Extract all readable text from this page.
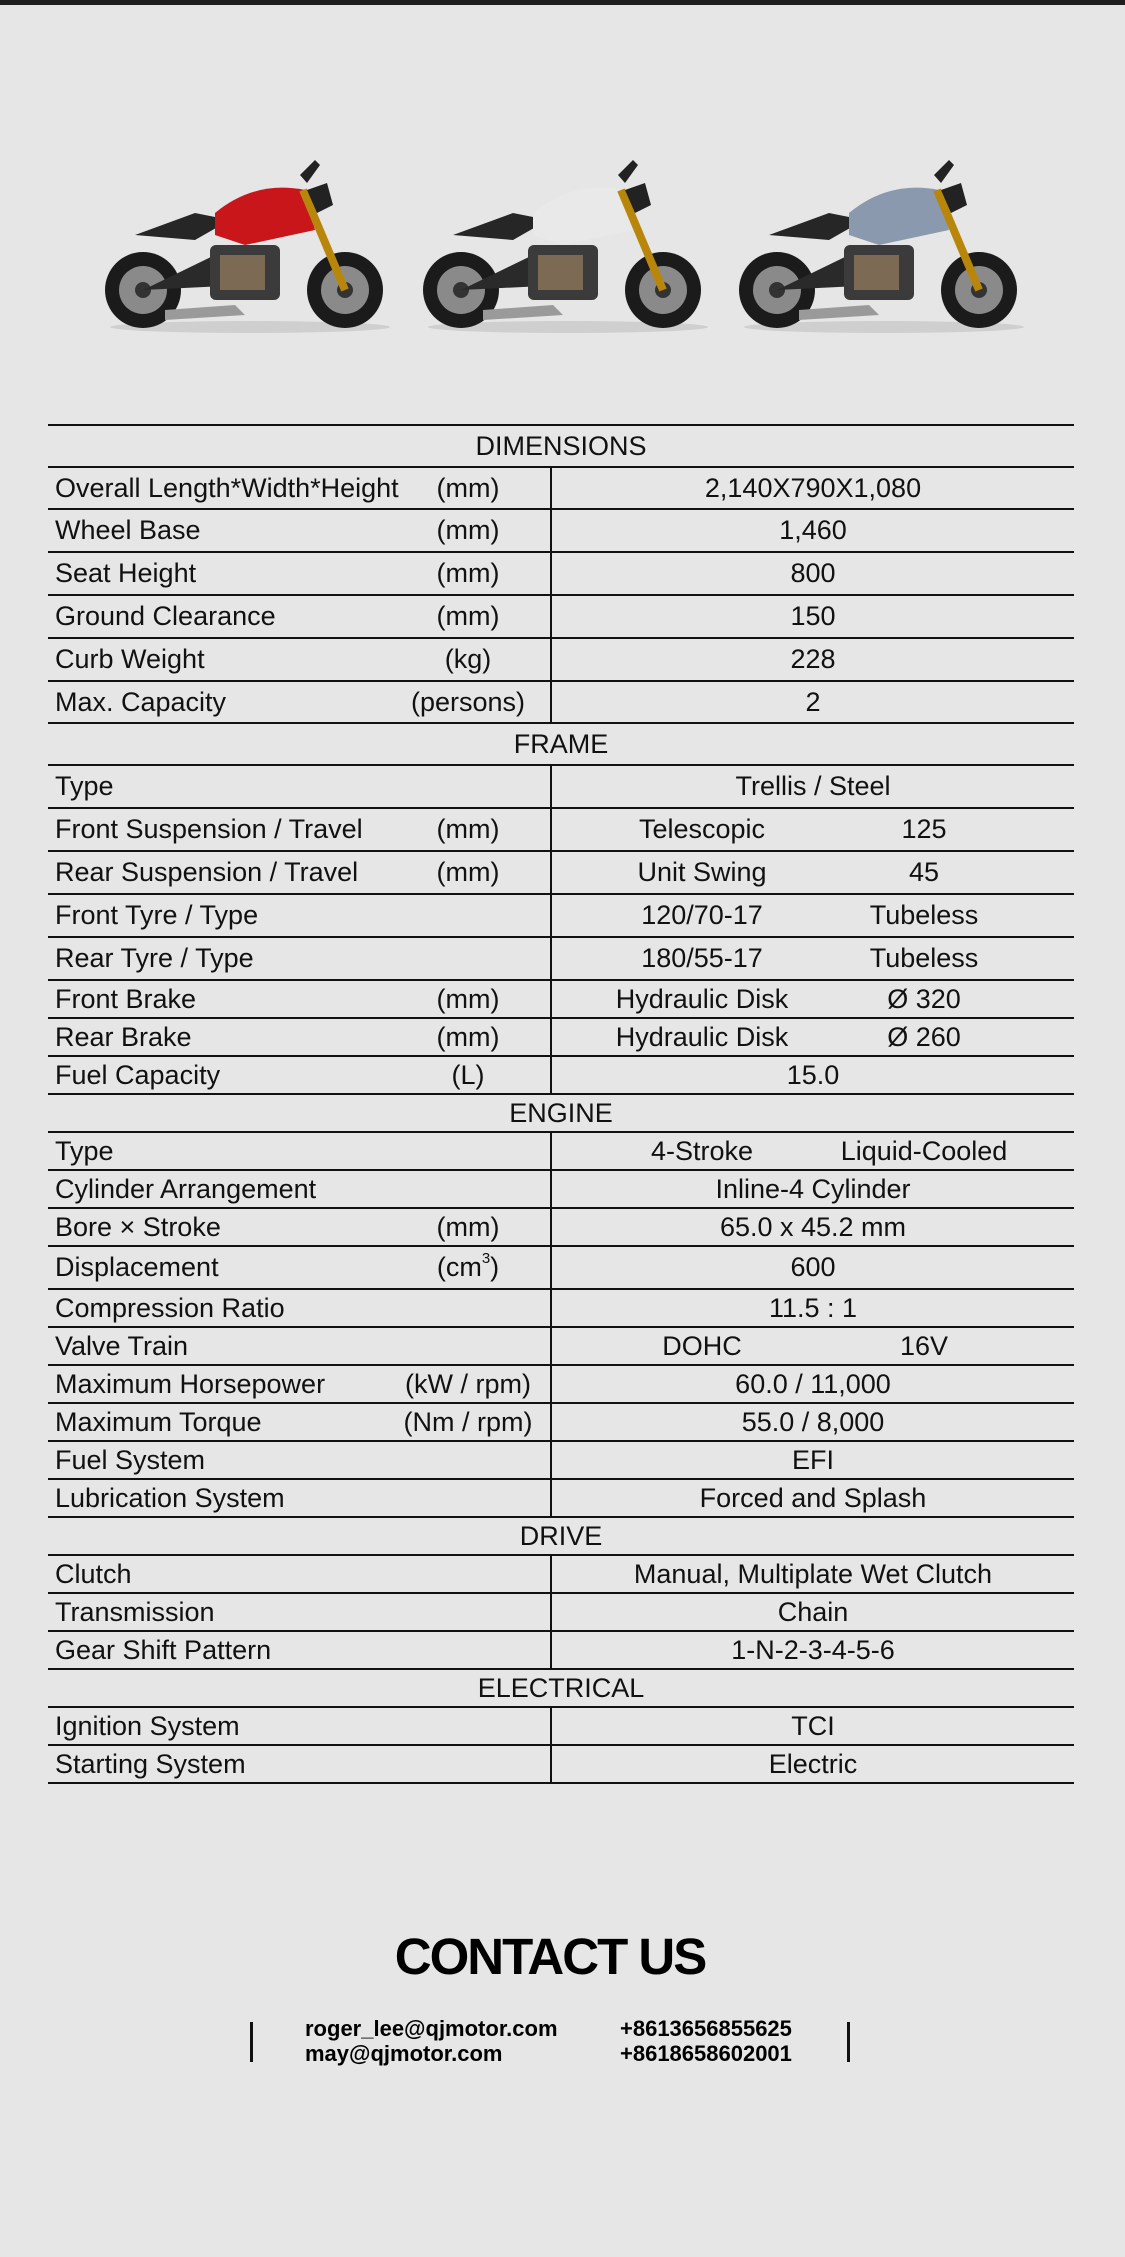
DIMENSIONS
Overall Length*Width*Height (mm)	2,140X790X1,080
Wheel Base	(mm)	1,460
Seat Height	(mm)	800
Ground Clearance	(mm)	150
Curb Weight	(kg)	228
Max. Capacity	(persons)	2
FRAME
Type	Trellis / Steel
Front Suspension / Travel	(mm)	Telescopic	125
Rear Suspension / Travel	(mm)	Unit Swing	45
Front Tyre / Type	120/70-17	Tubeless
Rear Tyre / Type	180/55-17	Tubeless
Front Brake	(mm)	Hydraulic Disk	Ø 320
Rear Brake	(mm)	Hydraulic Disk	Ø 260
Fuel Capacity	(L)	15.0
ENGINE
Type	4-Stroke	Liquid-Cooled
Cylinder Arrangement	Inline-4 Cylinder
Bore × Stroke	(mm)	65.0 x 45.2 mm
Displacement	$(cm^3)$	600
Compression Ratio	11.5 : 1
Valve Train	DOHC	16V
Maximum Horsepower	(kW / rpm)	60.0 / 11,000
Maximum Torque	(Nm / rpm)	55.0 / 8,000
Fuel System	EFI
Lubrication System	Forced and Splash
DRIVE
Clutch	Manual, Multiplate Wet Clutch
Transmission	Chain
Gear Shift Pattern	1-N-2-3-4-5-6
ELECTRICAL
Ignition System	TCI
Starting System	Electric
CONTACT US
roger_lee@qjmotor.com
may@qjmotor.com
+8613656855625
+8618658602001
